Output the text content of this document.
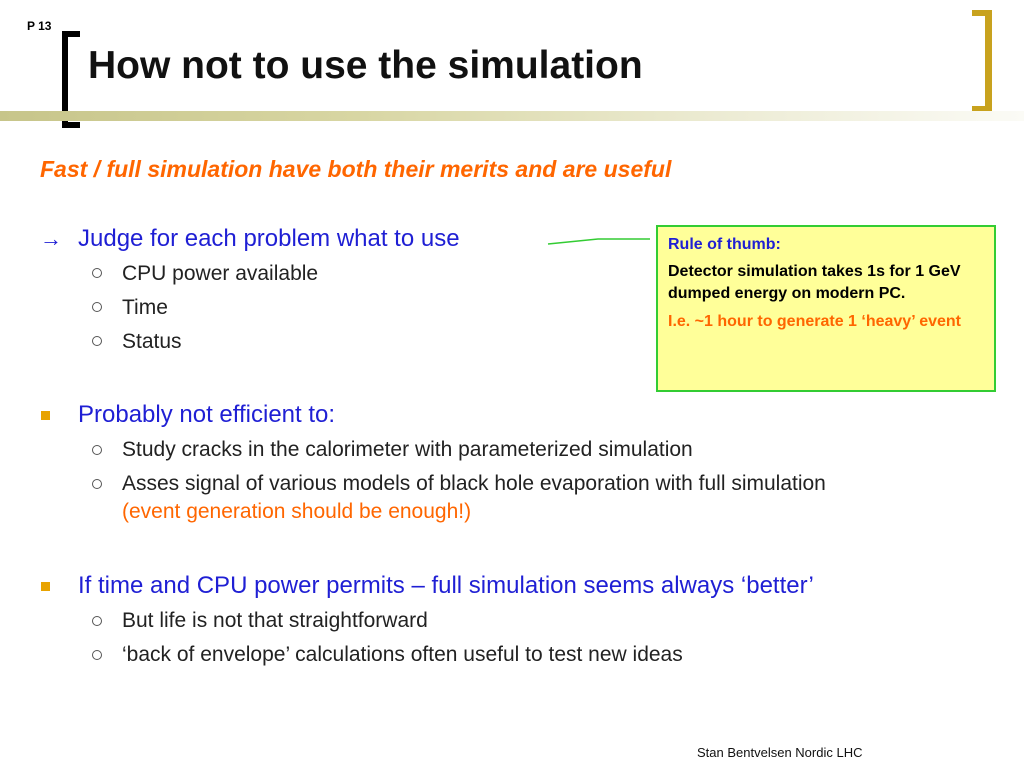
P 13
How not to use the simulation
Fast / full simulation have both their merits and are useful
→ Judge for each problem what to use
CPU power available
Time
Status
Rule of thumb:
Detector simulation takes 1s for 1 GeV dumped energy on modern PC.
I.e. ~1 hour to generate 1 ‘heavy’ event
Probably not efficient to:
Study cracks in the calorimeter with parameterized simulation
Asses signal of various models of black hole evaporation with full simulation
(event generation should be enough!)
If time and CPU power permits – full simulation seems always ‘better’
But life is not that straightforward
‘back of envelope’ calculations often useful to test new ideas
Stan Bentvelsen Nordic LHC
